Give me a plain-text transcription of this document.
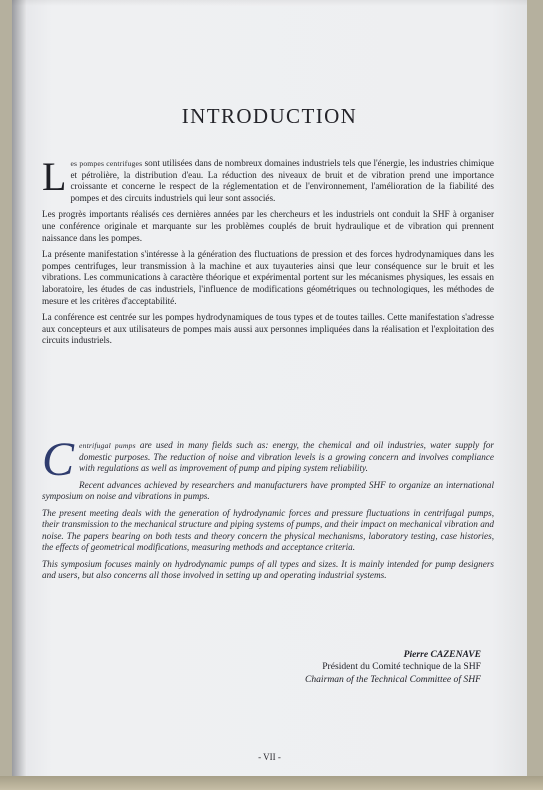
INTRODUCTION

Les pompes centrifuges sont utilisées dans de nombreux domaines industriels tels que l'énergie, les industries chimique et pétrolière, la distribution d'eau. La réduction des niveaux de bruit et de vibration prend une importance croissante et concerne le respect de la réglementation et de l'environnement, l'amélioration de la fiabilité des pompes et des circuits industriels qui leur sont associés.

Les progrès importants réalisés ces dernières années par les chercheurs et les industriels ont conduit la SHF à organiser une conférence originale et marquante sur les problèmes couplés de bruit hydraulique et de vibration qui prennent naissance dans les pompes.

La présente manifestation s'intéresse à la génération des fluctuations de pression et des forces hydrodynamiques dans les pompes centrifuges, leur transmission à la machine et aux tuyauteries ainsi que leur conséquence sur le bruit et les vibrations. Les communications à caractère théorique et expérimental portent sur les mécanismes physiques, les essais en laboratoire, les études de cas industriels, l'influence de modifications géométriques ou technologiques, les méthodes de mesure et les critères d'acceptabilité.

La conférence est centrée sur les pompes hydrodynamiques de tous types et de toutes tailles. Cette manifestation s'adresse aux concepteurs et aux utilisateurs de pompes mais aussi aux personnes impliquées dans la réalisation et l'exploitation des circuits industriels.

Centrifugal pumps are used in many fields such as: energy, the chemical and oil industries, water supply for domestic purposes. The reduction of noise and vibration levels is a growing concern and involves compliance with regulations as well as improvement of pump and piping system reliability.

Recent advances achieved by researchers and manufacturers have prompted SHF to organize an international symposium on noise and vibrations in pumps.

The present meeting deals with the generation of hydrodynamic forces and pressure fluctuations in centrifugal pumps, their transmission to the mechanical structure and piping systems of pumps, and their impact on mechanical vibration and noise. The papers bearing on both tests and theory concern the physical mechanisms, laboratory testing, case histories, the effects of geometrical modifications, measuring methods and acceptance criteria.

This symposium focuses mainly on hydrodynamic pumps of all types and sizes. It is mainly intended for pump designers and users, but also concerns all those involved in setting up and operating industrial systems.

Pierre CAZENAVE
Président du Comité technique de la SHF
Chairman of the Technical Committee of SHF
- VII -
